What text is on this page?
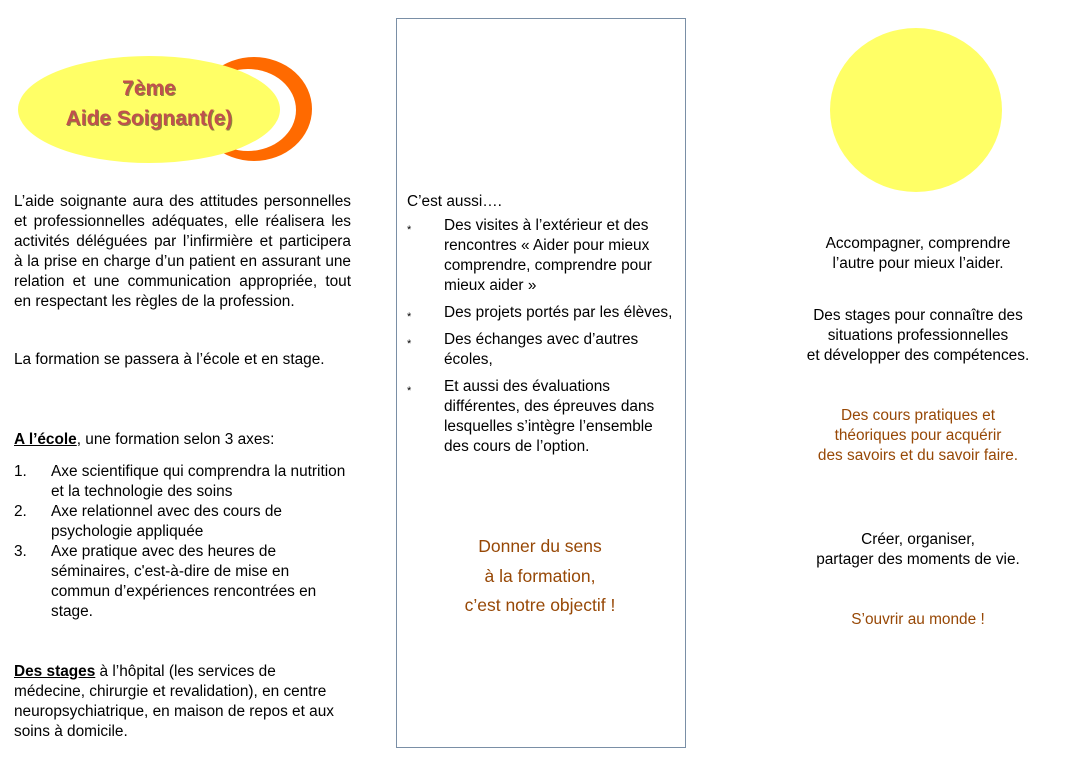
7ème
Aide Soignant(e)
L’aide soignante aura des attitudes personnelles et professionnelles adéquates, elle réalisera les activités déléguées par l’infirmière et participera à la prise en charge d’un patient en assurant une relation et une communication appropriée, tout en respectant les règles de la profession.
La formation se passera à l’école et en stage.
A l’école, une formation selon 3 axes:
1. Axe scientifique qui comprendra la nutrition et la technologie des soins
2. Axe relationnel avec des cours de psychologie appliquée
3. Axe pratique avec des heures de séminaires, c'est-à-dire de mise en commun d’expériences rencontrées en stage.
Des stages à l’hôpital (les services de médecine, chirurgie et revalidation), en centre neuropsychiatrique, en maison de repos et aux soins à domicile.
C’est aussi….
* Des visites à l’extérieur et des rencontres « Aider pour mieux comprendre, comprendre pour mieux aider »
* Des projets portés par les élèves,
* Des échanges avec d’autres écoles,
* Et aussi des évaluations différentes, des épreuves dans lesquelles s’intègre l’ensemble des cours de l’option.
Donner du sens
à la formation,
c’est notre objectif !
Accompagner, comprendre
l’autre pour mieux l’aider.
Des stages pour connaître des
situations professionnelles
et développer des compétences.
Des cours pratiques et
théoriques pour acquérir
des savoirs et du savoir faire.
Créer, organiser,
partager des moments de vie.
S’ouvrir au monde !
